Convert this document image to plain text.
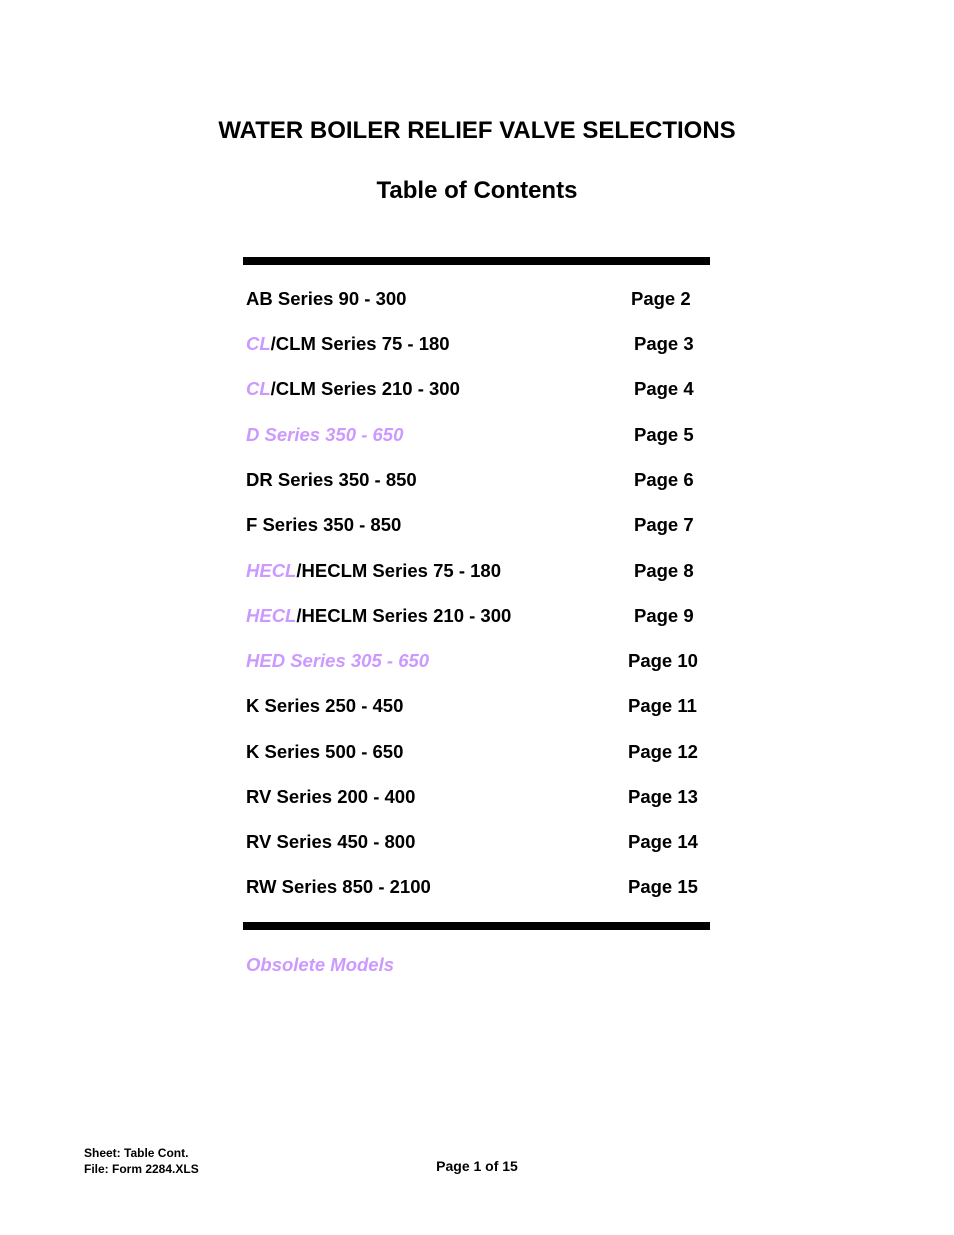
WATER BOILER RELIEF VALVE SELECTIONS
Table of Contents
AB Series 90 - 300	Page 2
CL/CLM Series 75 - 180	Page 3
CL/CLM Series 210 - 300	Page 4
D Series 350 - 650	Page 5
DR Series 350 - 850	Page 6
F Series 350 - 850	Page 7
HECL/HECLM Series 75 - 180	Page 8
HECL/HECLM Series 210 - 300	Page 9
HED Series 305 - 650	Page 10
K Series 250 - 450	Page 11
K Series 500 - 650	Page 12
RV Series 200 - 400	Page 13
RV Series 450 - 800	Page 14
RW Series 850 - 2100	Page 15
Obsolete Models
Sheet: Table Cont.
File: Form 2284.XLS	Page 1 of 15
